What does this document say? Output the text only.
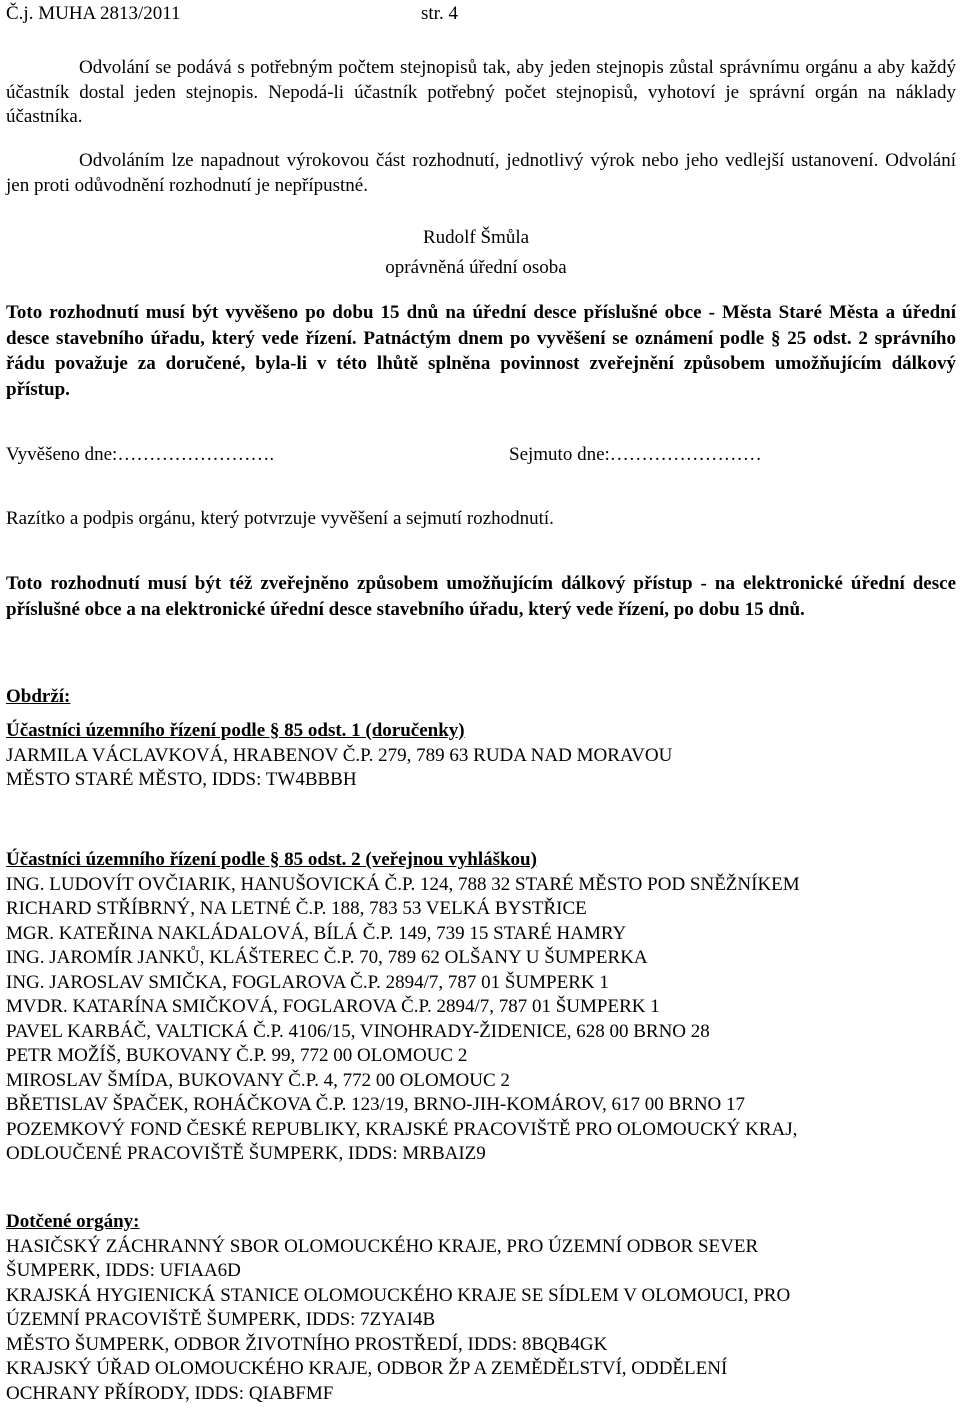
Č.j. MUHA 2813/2011	str. 4

Odvolání se podává s potřebným počtem stejnopisů tak, aby jeden stejnopis zůstal správnímu orgánu a aby každý účastník dostal jeden stejnopis. Nepodá-li účastník potřebný počet stejnopisů, vyhotoví je správní orgán na náklady účastníka.

Odvoláním lze napadnout výrokovou část rozhodnutí, jednotlivý výrok nebo jeho vedlejší ustanovení. Odvolání jen proti odůvodnění rozhodnutí je nepřípustné.

Rudolf Šmůla
oprávněná úřední osoba

Toto rozhodnutí musí být vyvěšeno po dobu 15 dnů na úřední desce příslušné obce - Města Staré Města a úřední desce stavebního úřadu, který vede řízení. Patnáctým dnem po vyvěšení se oznámení podle § 25 odst. 2 správního řádu považuje za doručené, byla-li v této lhůtě splněna povinnost zveřejnění způsobem umožňujícím dálkový přístup.

Vyvěšeno dne:…………………….	Sejmuto dne:……………………

Razítko a podpis orgánu, který potvrzuje vyvěšení a sejmutí rozhodnutí.

Toto rozhodnutí musí být též zveřejněno způsobem umožňujícím dálkový přístup - na elektronické úřední desce příslušné obce a na elektronické úřední desce stavebního úřadu, který vede řízení, po dobu 15 dnů.

Obdrží:

Účastníci územního řízení podle § 85 odst. 1 (doručenky)
JARMILA VÁCLAVKOVÁ, HRABENOV Č.P. 279, 789 63 RUDA NAD MORAVOU
MĚSTO STARÉ MĚSTO, IDDS: TW4BBBH
Účastníci územního řízení podle § 85 odst. 2 (veřejnou vyhláškou)
ING. LUDOVÍT OVČIARIK, HANUŠOVICKÁ Č.P. 124, 788 32 STARÉ MĚSTO POD SNĚŽNÍKEM
RICHARD STŘÍBRNÝ, NA LETNÉ Č.P. 188, 783 53 VELKÁ BYSTŘICE
MGR. KATEŘINA NAKLÁDALOVÁ, BÍLÁ Č.P. 149, 739 15 STARÉ HAMRY
ING. JAROMÍR JANKŮ, KLÁŠTEREC Č.P. 70, 789 62 OLŠANY U ŠUMPERKA
ING. JAROSLAV SMIČKA, FOGLAROVA Č.P. 2894/7, 787 01 ŠUMPERK 1
MVDR. KATARÍNA SMIČKOVÁ, FOGLAROVA Č.P. 2894/7, 787 01 ŠUMPERK 1
PAVEL KARBÁČ, VALTICKÁ Č.P. 4106/15, VINOHRADY-ŽIDENICE, 628 00 BRNO 28
PETR MOŽÍŠ, BUKOVANY Č.P. 99, 772 00 OLOMOUC 2
MIROSLAV ŠMÍDA, BUKOVANY Č.P. 4, 772 00 OLOMOUC 2
BŘETISLAV ŠPAČEK, ROHÁČKOVA Č.P. 123/19, BRNO-JIH-KOMÁROV, 617 00 BRNO 17
POZEMKOVÝ FOND ČESKÉ REPUBLIKY, KRAJSKÉ PRACOVIŠTĚ PRO OLOMOUCKÝ KRAJ,
ODLOUČENÉ PRACOVIŠTĚ ŠUMPERK, IDDS: MRBAIZ9
Dotčené orgány:
HASIČSKÝ ZÁCHRANNÝ SBOR OLOMOUCKÉHO KRAJE, PRO ÚZEMNÍ ODBOR SEVER
ŠUMPERK, IDDS: UFIAA6D
KRAJSKÁ HYGIENICKÁ STANICE OLOMOUCKÉHO KRAJE SE SÍDLEM V OLOMOUCI, PRO
ÚZEMNÍ PRACOVIŠTĚ ŠUMPERK, IDDS: 7ZYAI4B
MĚSTO ŠUMPERK, ODBOR ŽIVOTNÍHO PROSTŘEDÍ, IDDS: 8BQB4GK
KRAJSKÝ ÚŘAD OLOMOUCKÉHO KRAJE, ODBOR ŽP A ZEMĚDĚLSTVÍ, ODDĚLENÍ
OCHRANY PŘÍRODY, IDDS: QIABFMF
